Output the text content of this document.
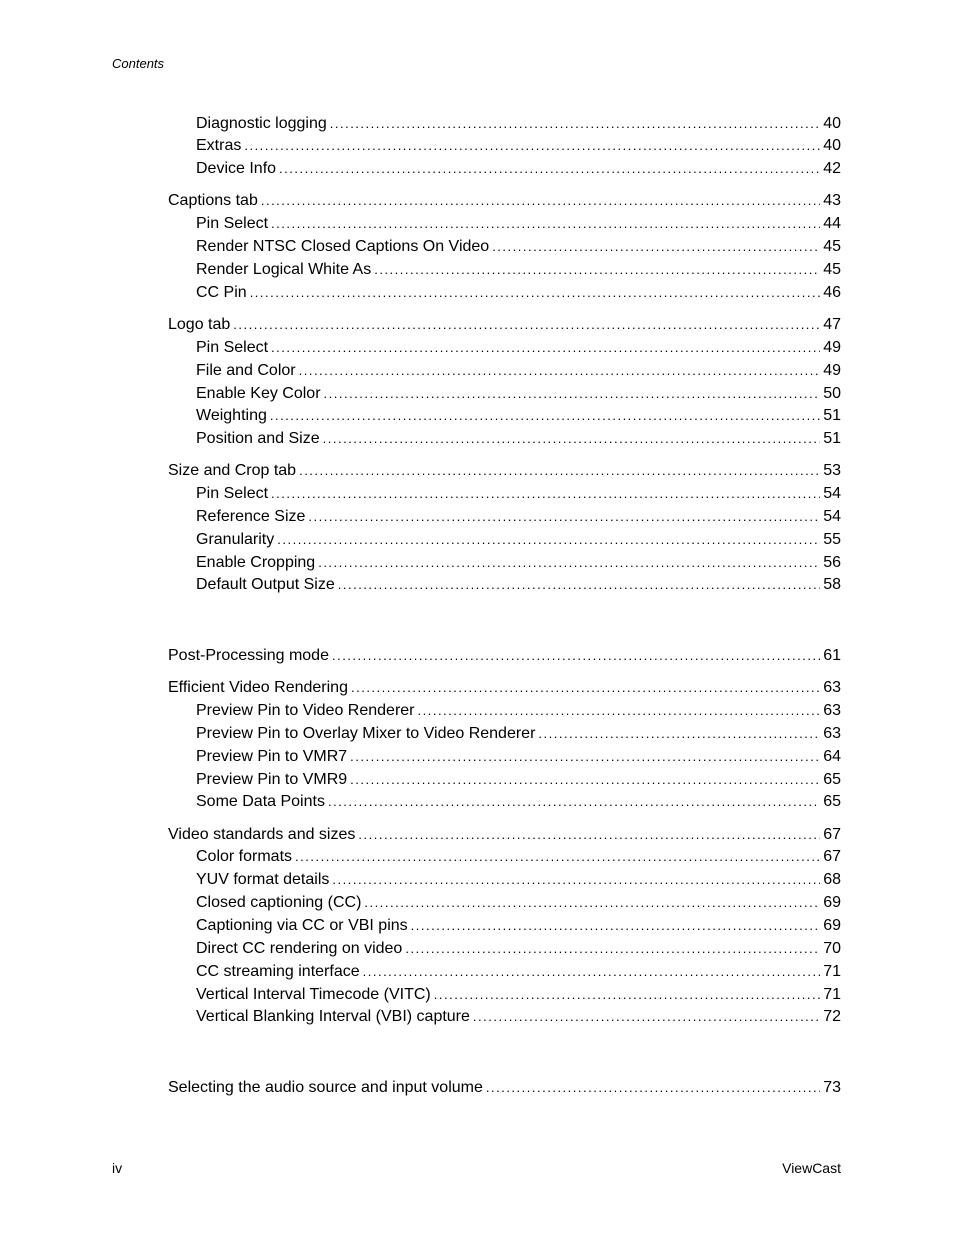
Contents
Diagnostic logging .....	40
Extras .....	40
Device Info .....	42
Captions tab .....	43
Pin Select .....	44
Render NTSC Closed Captions On Video .....	45
Render Logical White As .....	45
CC Pin .....	46
Logo tab .....	47
Pin Select .....	49
File and Color .....	49
Enable Key Color .....	50
Weighting .....	51
Position and Size .....	51
Size and Crop tab .....	53
Pin Select .....	54
Reference Size .....	54
Granularity .....	55
Enable Cropping .....	56
Default Output Size .....	58
Post-Processing mode .....	61
Efficient Video Rendering .....	63
Preview Pin to Video Renderer .....	63
Preview Pin to Overlay Mixer to Video Renderer .....	63
Preview Pin to VMR7 .....	64
Preview Pin to VMR9 .....	65
Some Data Points .....	65
Video standards and sizes .....	67
Color formats .....	67
YUV format details .....	68
Closed captioning (CC) .....	69
Captioning via CC or VBI pins .....	69
Direct CC rendering on video .....	70
CC streaming interface .....	71
Vertical Interval Timecode (VITC) .....	71
Vertical Blanking Interval (VBI) capture .....	72
Selecting the audio source and input volume .....	73
iv	ViewCast
